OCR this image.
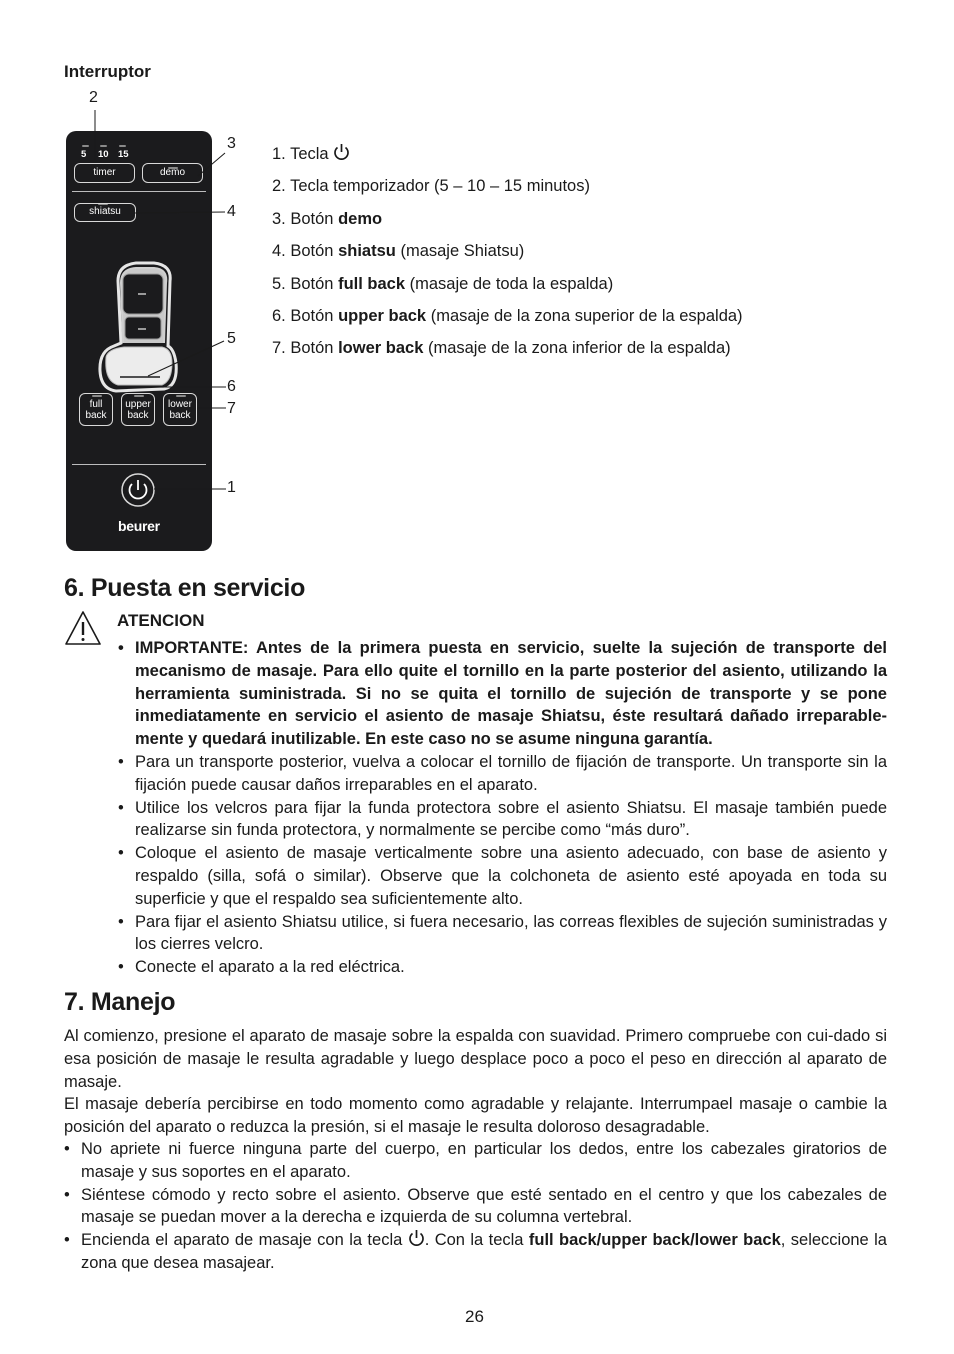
Interruptor
5 10 15
timer	demo
shiatsu
full
back
upper
back
lower
back
beurer
2
3
4
5
6
7
1
1. Tecla
2. Tecla temporizador (5 – 10 – 15 minutos)
3. Botón demo
4. Botón shiatsu (masaje Shiatsu)
5. Botón full back (masaje de toda la espalda)
6. Botón upper back (masaje de la zona superior de la espalda)
7. Botón lower back (masaje de la zona inferior de la espalda)
6. Puesta en servicio
ATENCION
• IMPORTANTE: Antes de la primera puesta en servicio, suelte la sujeción de transporte del mecanismo de masaje. Para ello quite el tornillo en la parte posterior del asiento, utilizando la herramienta suministrada. Si no se quita el tornillo de sujeción de transporte y se pone inmediatamente en servicio el asiento de masaje Shiatsu, éste resultará dañado irreparable-mente y quedará inutilizable. En este caso no se asume ninguna garantía.
• Para un transporte posterior, vuelva a colocar el tornillo de fijación de transporte. Un transporte sin la fijación puede causar daños irreparables en el aparato.
• Utilice los velcros para fijar la funda protectora sobre el asiento Shiatsu. El masaje también puede realizarse sin funda protectora, y normalmente se percibe como “más duro”.
• Coloque el asiento de masaje verticalmente sobre una asiento adecuado, con base de asiento y respaldo (silla, sofá o similar). Observe que la colchoneta de asiento esté apoyada en toda su superficie y que el respaldo sea suficientemente alto.
• Para fijar el asiento Shiatsu utilice, si fuera necesario, las correas flexibles de sujeción suministradas y los cierres velcro.
• Conecte el aparato a la red eléctrica.
7. Manejo
Al comienzo, presione el aparato de masaje sobre la espalda con suavidad. Primero compruebe con cui-dado si esa posición de masaje le resulta agradable y luego desplace poco a poco el peso en dirección al aparato de masaje.
El masaje debería percibirse en todo momento como agradable y relajante. Interrumpael masaje o cambie la posición del aparato o reduzca la presión, si el masaje le resulta doloroso desagradable.
• No apriete ni fuerce ninguna parte del cuerpo, en particular los dedos, entre los cabezales giratorios de masaje y sus soportes en el aparato.
• Siéntese cómodo y recto sobre el asiento. Observe que esté sentado en el centro y que los cabezales de masaje se puedan mover a la derecha e izquierda de su columna vertebral.
• Encienda el aparato de masaje con la tecla . Con la tecla full back/upper back/lower back, seleccione la zona que desea masajear.
26
